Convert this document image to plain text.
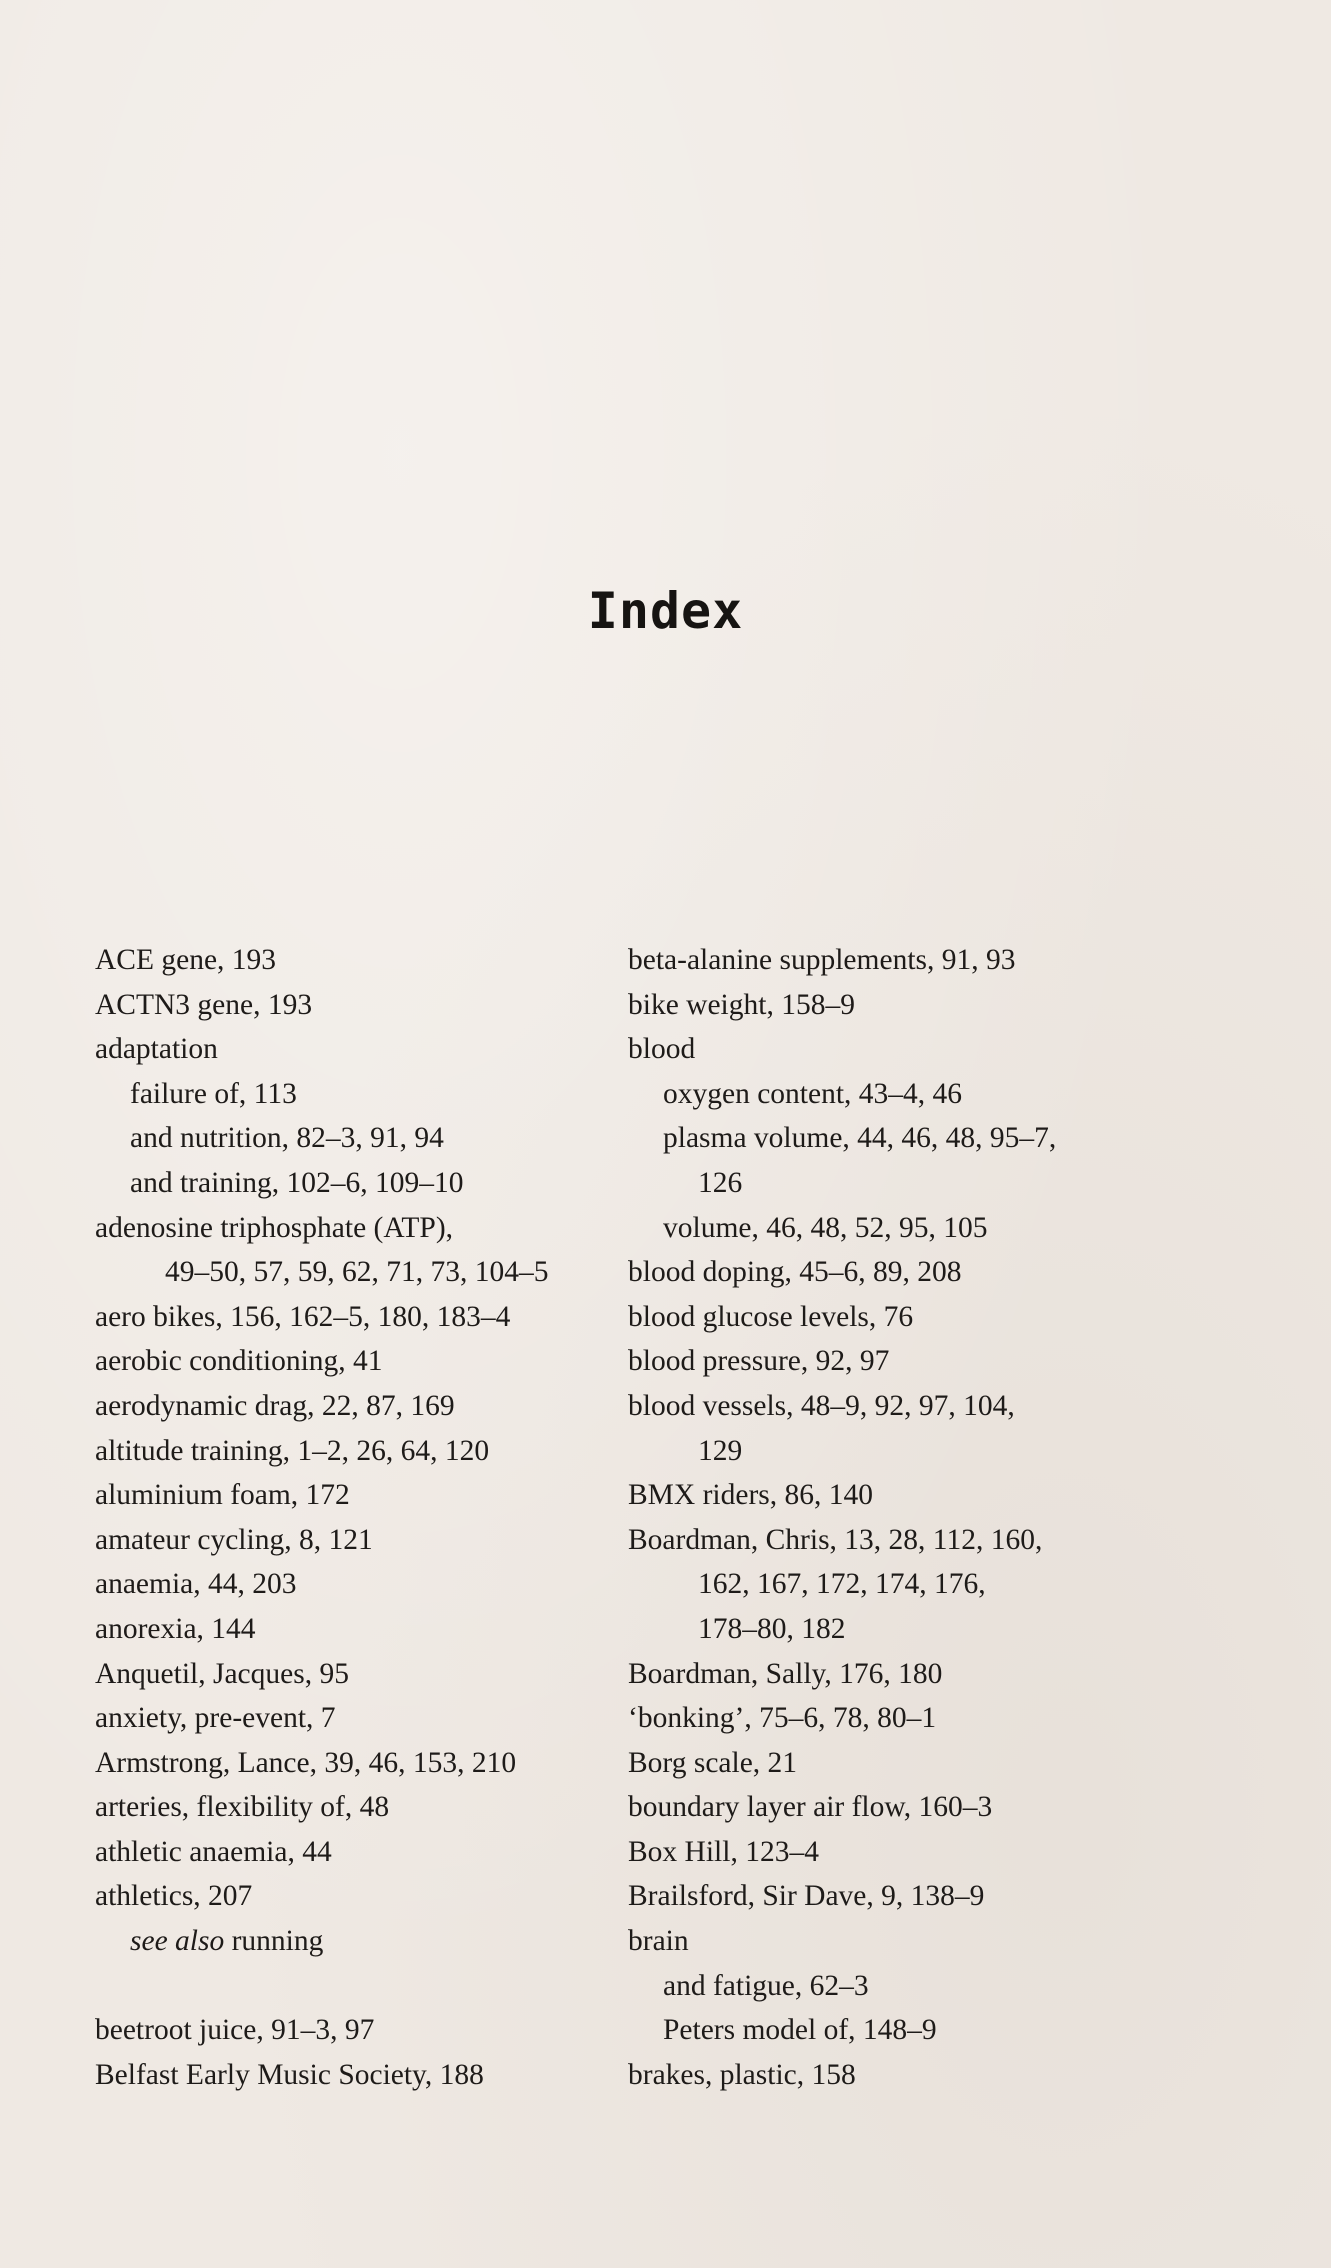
Index
ACE gene, 193
ACTN3 gene, 193
adaptation
failure of, 113
and nutrition, 82–3, 91, 94
and training, 102–6, 109–10
adenosine triphosphate (ATP),
49–50, 57, 59, 62, 71, 73, 104–5
aero bikes, 156, 162–5, 180, 183–4
aerobic conditioning, 41
aerodynamic drag, 22, 87, 169
altitude training, 1–2, 26, 64, 120
aluminium foam, 172
amateur cycling, 8, 121
anaemia, 44, 203
anorexia, 144
Anquetil, Jacques, 95
anxiety, pre-event, 7
Armstrong, Lance, 39, 46, 153, 210
arteries, flexibility of, 48
athletic anaemia, 44
athletics, 207
see also running
beetroot juice, 91–3, 97
Belfast Early Music Society, 188
beta-alanine supplements, 91, 93
bike weight, 158–9
blood
oxygen content, 43–4, 46
plasma volume, 44, 46, 48, 95–7,
126
volume, 46, 48, 52, 95, 105
blood doping, 45–6, 89, 208
blood glucose levels, 76
blood pressure, 92, 97
blood vessels, 48–9, 92, 97, 104,
129
BMX riders, 86, 140
Boardman, Chris, 13, 28, 112, 160,
162, 167, 172, 174, 176,
178–80, 182
Boardman, Sally, 176, 180
‘bonking’, 75–6, 78, 80–1
Borg scale, 21
boundary layer air flow, 160–3
Box Hill, 123–4
Brailsford, Sir Dave, 9, 138–9
brain
and fatigue, 62–3
Peters model of, 148–9
brakes, plastic, 158
